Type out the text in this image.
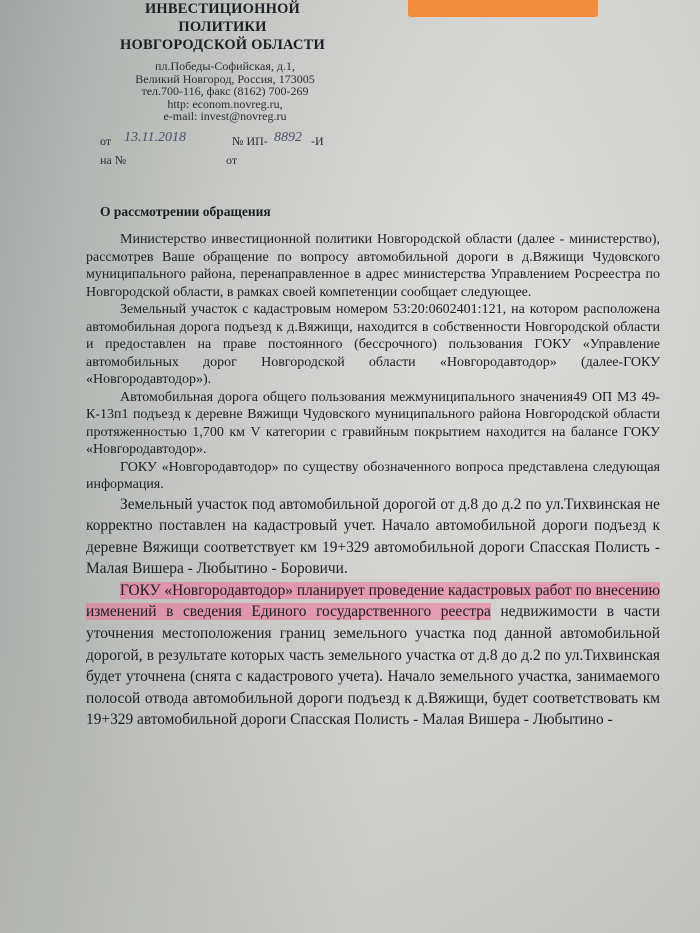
ИНВЕСТИЦИОННОЙ
ПОЛИТИКИ
НОВГОРОДСКОЙ ОБЛАСТИ
пл.Победы-Софийская, д.1,
Великий Новгород, Россия, 173005
тел.700-116, факс (8162) 700-269
http: econom.novreg.ru,
e-mail: invest@novreg.ru
от 13.11.2018	№ ИП- 8892 -И
на №	от
О рассмотрении обращения

Министерство инвестиционной политики Новгородской области (далее - министерство), рассмотрев Ваше обращение по вопросу автомобильной дороги в д.Вяжищи Чудовского муниципального района, перенаправленное в адрес министерства Управлением Росреестра по Новгородской области, в рамках своей компетенции сообщает следующее.

Земельный участок с кадастровым номером 53:20:0602401:121, на котором расположена автомобильная дорога подъезд к д.Вяжищи, находится в собственности Новгородской области и предоставлен на праве постоянного (бессрочного) пользования ГОКУ «Управление автомобильных дорог Новгородской области «Новгородавтодор» (далее-ГОКУ «Новгородавтодор»).

Автомобильная дорога общего пользования межмуниципального значения49 ОП МЗ 49-К-13п1 подъезд к деревне Вяжищи Чудовского муниципального района Новгородской области протяженностью 1,700 км V категории с гравийным покрытием находится на балансе ГОКУ «Новгородавтодор».

ГОКУ «Новгородавтодор» по существу обозначенного вопроса представлена следующая информация.

Земельный участок под автомобильной дорогой от д.8 до д.2 по ул.Тихвинская не корректно поставлен на кадастровый учет. Начало автомобильной дороги подъезд к деревне Вяжищи соответствует км 19+329 автомобильной дороги Спасская Полисть - Малая Вишера - Любытино - Боровичи.

ГОКУ «Новгородавтодор» планирует проведение кадастровых работ по внесению изменений в сведения Единого государственного реестра недвижимости в части уточнения местоположения границ земельного участка под данной автомобильной дорогой, в результате которых часть земельного участка от д.8 до д.2 по ул.Тихвинская будет уточнена (снята с кадастрового учета). Начало земельного участка, занимаемого полосой отвода автомобильной дороги подъезд к д.Вяжищи, будет соответствовать км 19+329 автомобильной дороги Спасская Полисть - Малая Вишера - Любытино -
